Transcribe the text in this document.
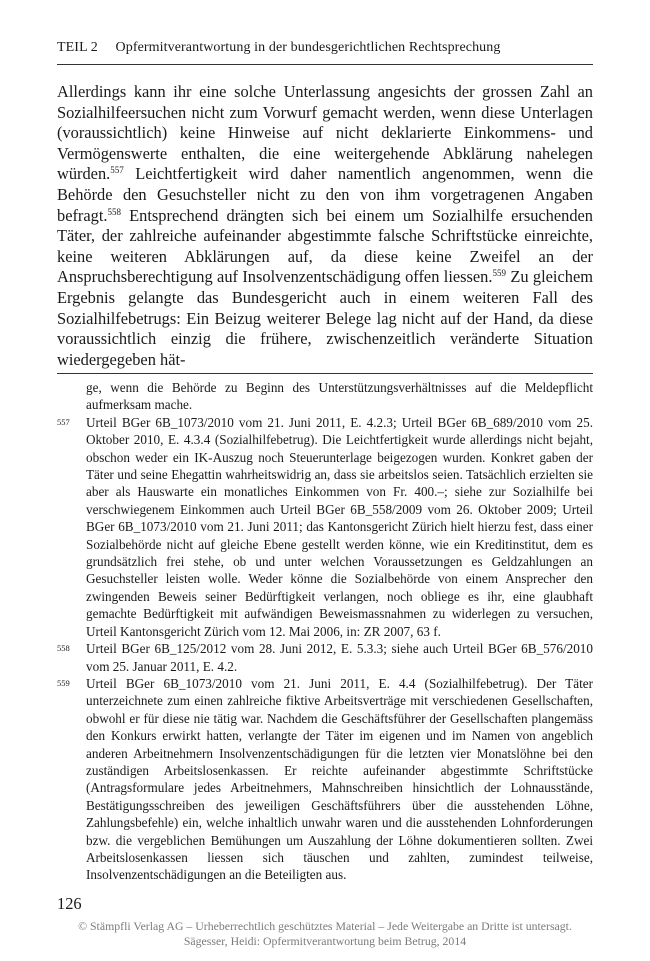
TEIL 2 Opfermitverantwortung in der bundesgerichtlichen Rechtsprechung

Allerdings kann ihr eine solche Unterlassung angesichts der grossen Zahl an Sozialhilfeersuchen nicht zum Vorwurf gemacht werden, wenn diese Unterlagen (voraussichtlich) keine Hinweise auf nicht deklarierte Einkommens- und Vermögenswerte enthalten, die eine weitergehende Abklärung nahelegen würden.$^{557}$ Leichtfertigkeit wird daher namentlich angenommen, wenn die Behörde den Gesuchsteller nicht zu den von ihm vorgetragenen Angaben befragt.$^{558}$ Entsprechend drängten sich bei einem um Sozialhilfe ersuchenden Täter, der zahlreiche aufeinander abgestimmte falsche Schriftstücke einreichte, keine weiteren Abklärungen auf, da diese keine Zweifel an der Anspruchsberechtigung auf Insolvenzentschädigung offen liessen.$^{559}$ Zu gleichem Ergebnis gelangte das Bundesgericht auch in einem weiteren Fall des Sozialhilfebetrugs: Ein Beizug weiterer Belege lag nicht auf der Hand, da diese voraussichtlich einzig die frühere, zwischenzeitlich veränderte Situation wiedergegeben hät-

ge, wenn die Behörde zu Beginn des Unterstützungsverhältnisses auf die Meldepflicht aufmerksam mache.
557	Urteil BGer 6B_1073/2010 vom 21. Juni 2011, E. 4.2.3; Urteil BGer 6B_689/2010 vom 25. Oktober 2010, E. 4.3.4 (Sozialhilfebetrug). Die Leichtfertigkeit wurde allerdings nicht bejaht, obschon weder ein IK-Auszug noch Steuerunterlage beigezogen wurden. Konkret gaben der Täter und seine Ehegattin wahrheitswidrig an, dass sie arbeitslos seien. Tatsächlich erzielten sie aber als Hauswarte ein monatliches Einkommen von Fr. 400.–; siehe zur Sozialhilfe bei verschwiegenem Einkommen auch Urteil BGer 6B_558/2009 vom 26. Oktober 2009; Urteil BGer 6B_1073/2010 vom 21. Juni 2011; das Kantonsgericht Zürich hielt hierzu fest, dass einer Sozialbehörde nicht auf gleiche Ebene gestellt werden könne, wie ein Kreditinstitut, dem es grundsätzlich frei stehe, ob und unter welchen Voraussetzungen es Geldzahlungen an Gesuchsteller leisten wolle. Weder könne die Sozialbehörde von einem Ansprecher den zwingenden Beweis seiner Bedürftigkeit verlangen, noch obliege es ihr, eine glaubhaft gemachte Bedürftigkeit mit aufwändigen Beweismassnahmen zu widerlegen zu versuchen, Urteil Kantonsgericht Zürich vom 12. Mai 2006, in: ZR 2007, 63 f.
558	Urteil BGer 6B_125/2012 vom 28. Juni 2012, E. 5.3.3; siehe auch Urteil BGer 6B_576/2010 vom 25. Januar 2011, E. 4.2.
559	Urteil BGer 6B_1073/2010 vom 21. Juni 2011, E. 4.4 (Sozialhilfebetrug). Der Täter unterzeichnete zum einen zahlreiche fiktive Arbeitsverträge mit verschiedenen Gesellschaften, obwohl er für diese nie tätig war. Nachdem die Geschäftsführer der Gesellschaften plangemäss den Konkurs erwirkt hatten, verlangte der Täter im eigenen und im Namen von angeblich anderen Arbeitnehmern Insolvenzentschädigungen für die letzten vier Monatslöhne bei den zuständigen Arbeitslosenkassen. Er reichte aufeinander abgestimmte Schriftstücke (Antragsformulare jedes Arbeitnehmers, Mahnschreiben hinsichtlich der Lohnausstände, Bestätigungsschreiben des jeweiligen Geschäftsführers über die ausstehenden Löhne, Zahlungsbefehle) ein, welche inhaltlich unwahr waren und die ausstehenden Lohnforderungen bzw. die vergeblichen Bemühungen um Auszahlung der Löhne dokumentieren sollten. Zwei Arbeitslosenkassen liessen sich täuschen und zahlten, zumindest teilweise, Insolvenzentschädigungen an die Beteiligten aus.
126
© Stämpfli Verlag AG – Urheberrechtlich geschütztes Material – Jede Weitergabe an Dritte ist untersagt.
Sägesser, Heidi: Opfermitverantwortung beim Betrug, 2014
